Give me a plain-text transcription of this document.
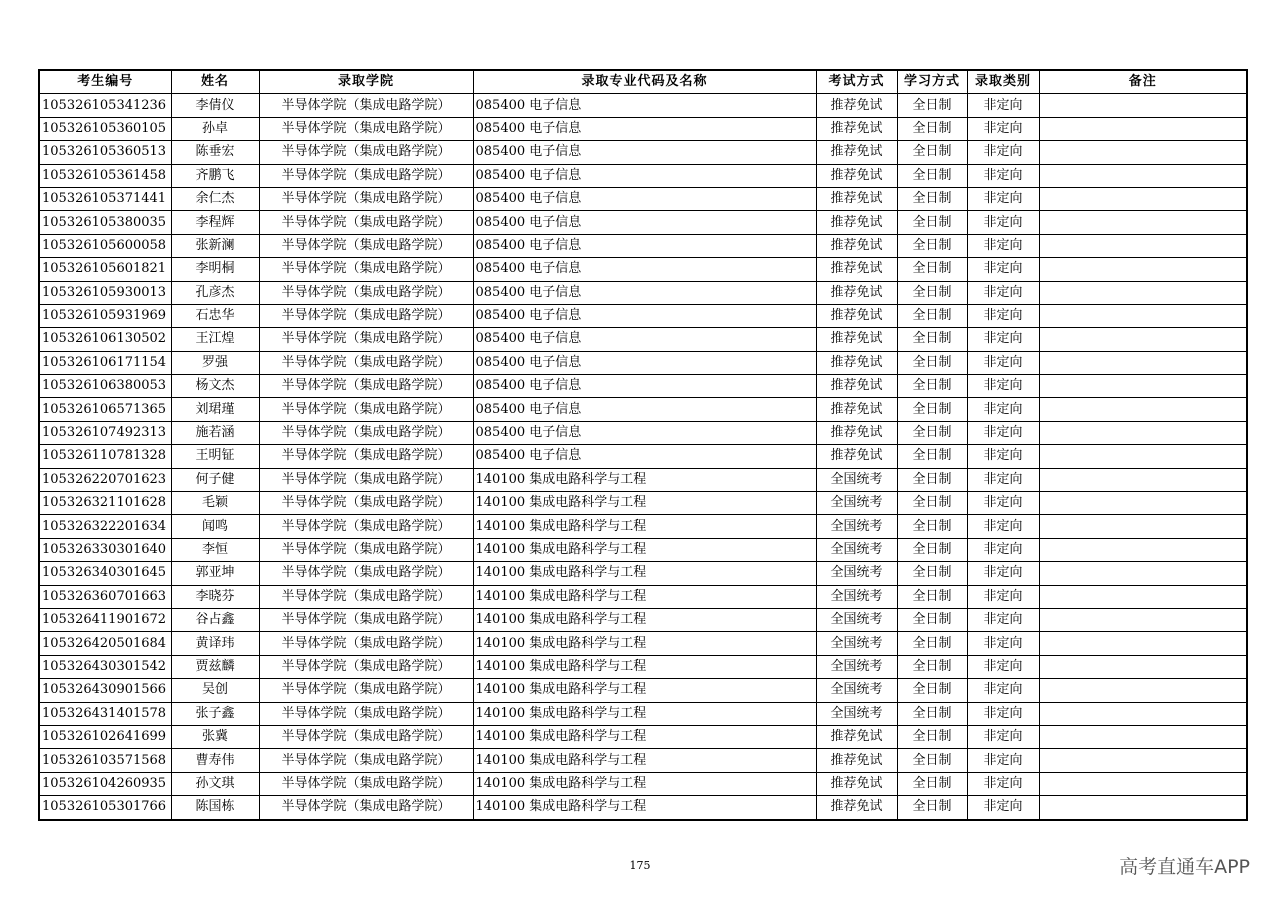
考生编号	姓名	录取学院	录取专业代码及名称	考试方式	学习方式	录取类别	备注
105326105341236	李倩仪	半导体学院（集成电路学院）	085400 电子信息	推荐免试	全日制	非定向	
105326105360105	孙卓	半导体学院（集成电路学院）	085400 电子信息	推荐免试	全日制	非定向	
105326105360513	陈垂宏	半导体学院（集成电路学院）	085400 电子信息	推荐免试	全日制	非定向	
105326105361458	齐鹏飞	半导体学院（集成电路学院）	085400 电子信息	推荐免试	全日制	非定向	
105326105371441	余仁杰	半导体学院（集成电路学院）	085400 电子信息	推荐免试	全日制	非定向	
105326105380035	李程辉	半导体学院（集成电路学院）	085400 电子信息	推荐免试	全日制	非定向	
105326105600058	张新澜	半导体学院（集成电路学院）	085400 电子信息	推荐免试	全日制	非定向	
105326105601821	李明桐	半导体学院（集成电路学院）	085400 电子信息	推荐免试	全日制	非定向	
105326105930013	孔彦杰	半导体学院（集成电路学院）	085400 电子信息	推荐免试	全日制	非定向	
105326105931969	石忠华	半导体学院（集成电路学院）	085400 电子信息	推荐免试	全日制	非定向	
105326106130502	王江煌	半导体学院（集成电路学院）	085400 电子信息	推荐免试	全日制	非定向	
105326106171154	罗强	半导体学院（集成电路学院）	085400 电子信息	推荐免试	全日制	非定向	
105326106380053	杨文杰	半导体学院（集成电路学院）	085400 电子信息	推荐免试	全日制	非定向	
105326106571365	刘珺瑾	半导体学院（集成电路学院）	085400 电子信息	推荐免试	全日制	非定向	
105326107492313	施若涵	半导体学院（集成电路学院）	085400 电子信息	推荐免试	全日制	非定向	
105326110781328	王明钲	半导体学院（集成电路学院）	085400 电子信息	推荐免试	全日制	非定向	
105326220701623	何子健	半导体学院（集成电路学院）	140100 集成电路科学与工程	全国统考	全日制	非定向	
105326321101628	毛颖	半导体学院（集成电路学院）	140100 集成电路科学与工程	全国统考	全日制	非定向	
105326322201634	闻鸣	半导体学院（集成电路学院）	140100 集成电路科学与工程	全国统考	全日制	非定向	
105326330301640	李恒	半导体学院（集成电路学院）	140100 集成电路科学与工程	全国统考	全日制	非定向	
105326340301645	郭亚坤	半导体学院（集成电路学院）	140100 集成电路科学与工程	全国统考	全日制	非定向	
105326360701663	李晓芬	半导体学院（集成电路学院）	140100 集成电路科学与工程	全国统考	全日制	非定向	
105326411901672	谷占鑫	半导体学院（集成电路学院）	140100 集成电路科学与工程	全国统考	全日制	非定向	
105326420501684	黄译玮	半导体学院（集成电路学院）	140100 集成电路科学与工程	全国统考	全日制	非定向	
105326430301542	贾兹麟	半导体学院（集成电路学院）	140100 集成电路科学与工程	全国统考	全日制	非定向	
105326430901566	吴创	半导体学院（集成电路学院）	140100 集成电路科学与工程	全国统考	全日制	非定向	
105326431401578	张子鑫	半导体学院（集成电路学院）	140100 集成电路科学与工程	全国统考	全日制	非定向	
105326102641699	张冀	半导体学院（集成电路学院）	140100 集成电路科学与工程	推荐免试	全日制	非定向	
105326103571568	曹寿伟	半导体学院（集成电路学院）	140100 集成电路科学与工程	推荐免试	全日制	非定向	
105326104260935	孙文琪	半导体学院（集成电路学院）	140100 集成电路科学与工程	推荐免试	全日制	非定向	
105326105301766	陈国栋	半导体学院（集成电路学院）	140100 集成电路科学与工程	推荐免试	全日制	非定向	
175	高考直通车APP
